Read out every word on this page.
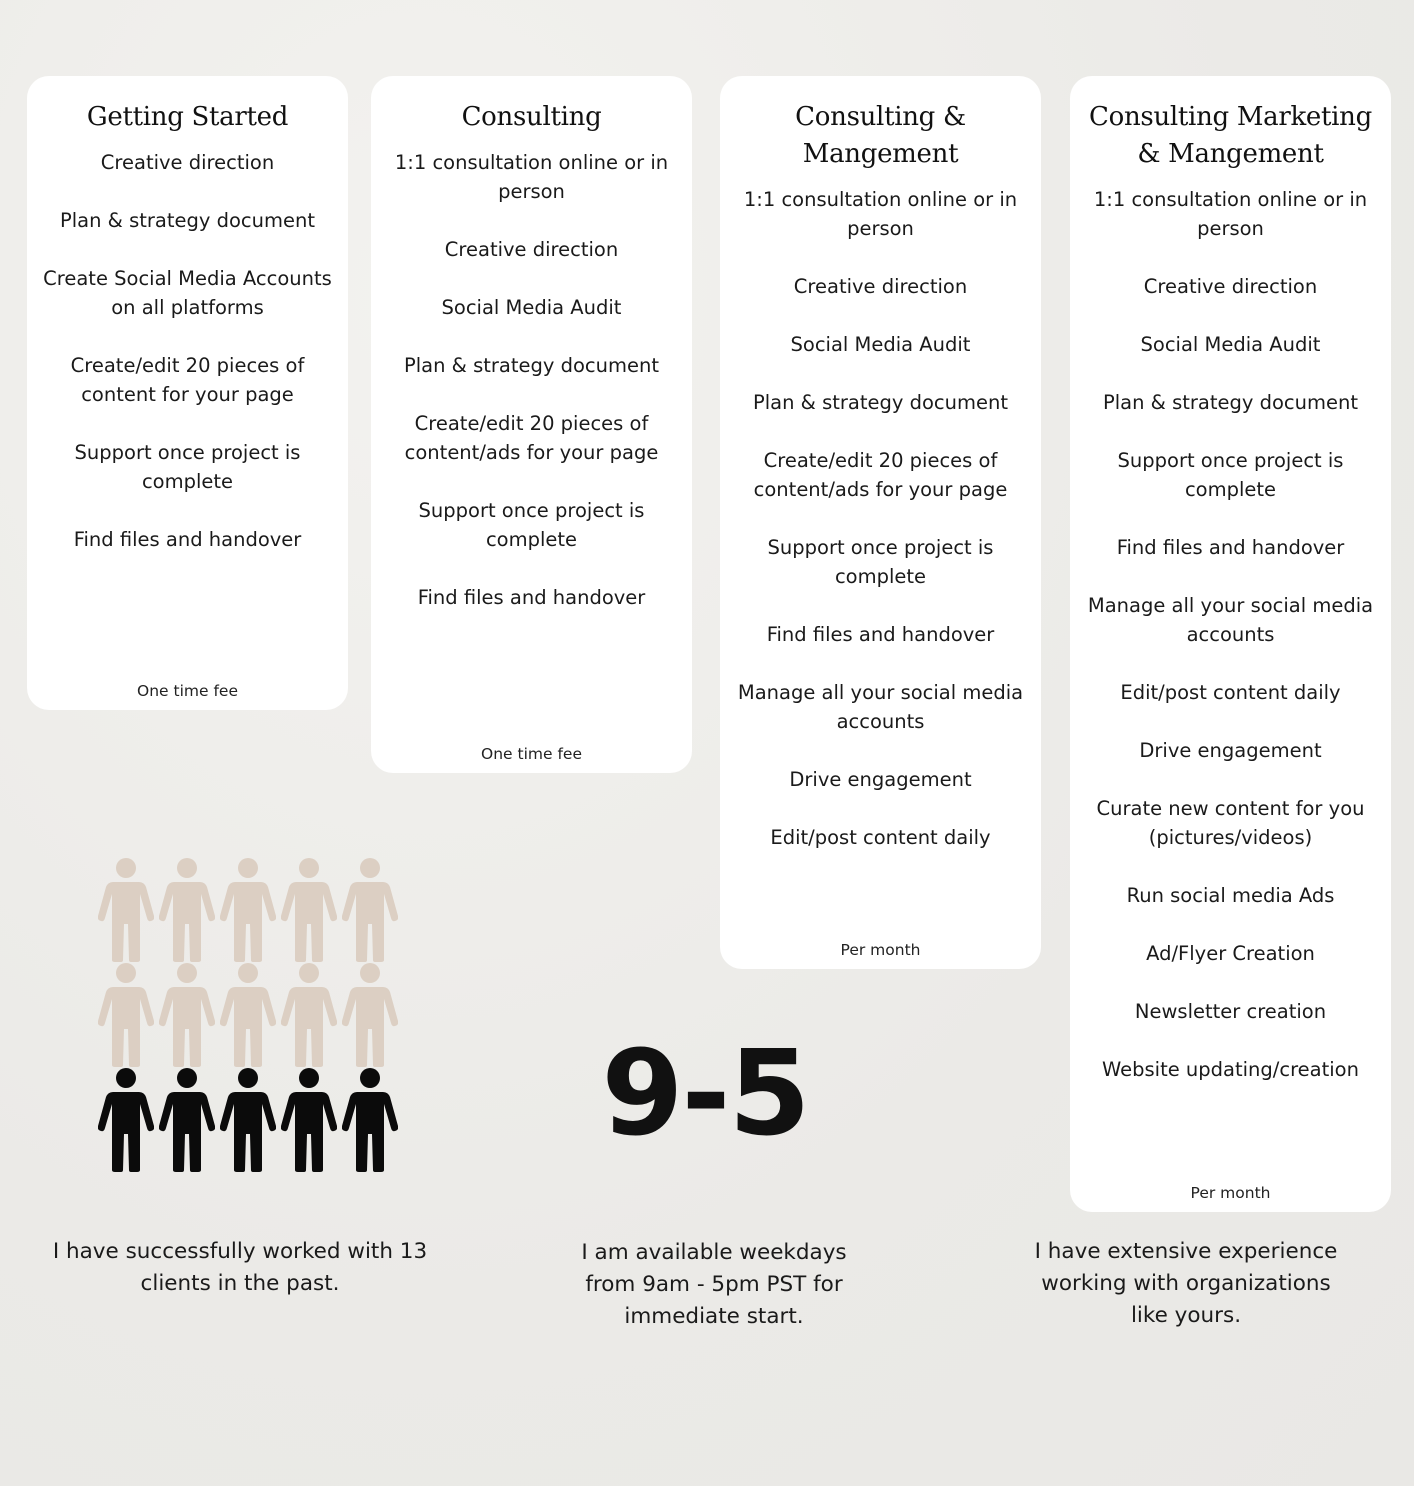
Getting Started
Creative direction
Plan & strategy document
Create Social Media Accounts on all platforms
Create/edit 20 pieces of content for your page
Support once project is complete
Find files and handover
One time fee
Consulting
1:1 consultation online or in person
Creative direction
Social Media Audit
Plan & strategy document
Create/edit 20 pieces of content/ads for your page
Support once project is complete
Find files and handover
One time fee
Consulting & Mangement
1:1 consultation online or in person
Creative direction
Social Media Audit
Plan & strategy document
Create/edit 20 pieces of content/ads for your page
Support once project is complete
Find files and handover
Manage all your social media accounts
Drive engagement
Edit/post content daily
Per month
Consulting Marketing & Mangement
1:1 consultation online or in person
Creative direction
Social Media Audit
Plan & strategy document
Support once project is complete
Find files and handover
Manage all your social media accounts
Edit/post content daily
Drive engagement
Curate new content for you (pictures/videos)
Run social media Ads
Ad/Flyer Creation
Newsletter creation
Website updating/creation
Per month
9-5
I have successfully worked with 13 clients in the past.
I am available weekdays from 9am - 5pm PST for immediate start.
I have extensive experience working with organizations like yours.
